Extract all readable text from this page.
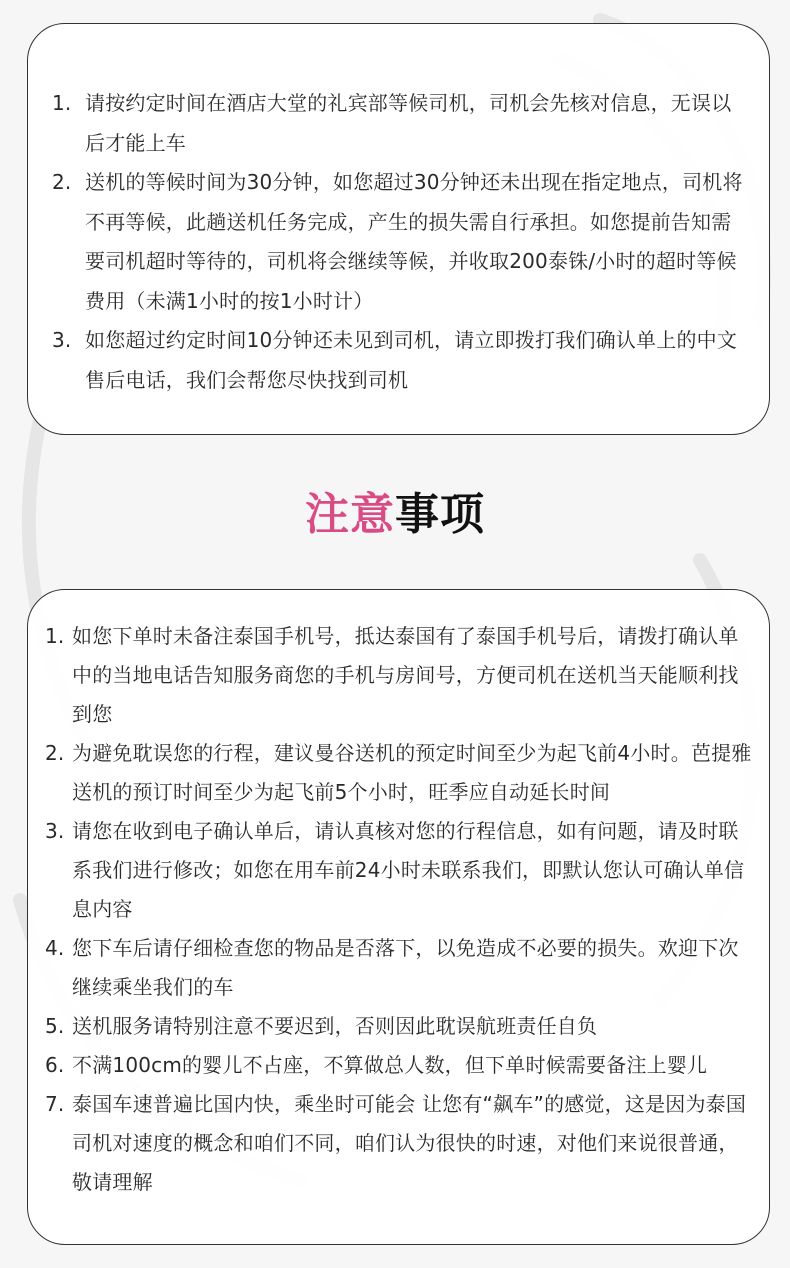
1. 请按约定时间在酒店大堂的礼宾部等候司机，司机会先核对信息，无误以后才能上车
2. 送机的等候时间为30分钟，如您超过30分钟还未出现在指定地点，司机将不再等候，此趟送机任务完成，产生的损失需自行承担。如您提前告知需要司机超时等待的，司机将会继续等候，并收取200泰铢/小时的超时等候费用（未满1小时的按1小时计）
3. 如您超过约定时间10分钟还未见到司机，请立即拨打我们确认单上的中文售后电话，我们会帮您尽快找到司机
注意事项
1. 如您下单时未备注泰国手机号，抵达泰国有了泰国手机号后，请拨打确认单中的当地电话告知服务商您的手机与房间号，方便司机在送机当天能顺利找到您
2. 为避免耽误您的行程，建议曼谷送机的预定时间至少为起飞前4小时。芭提雅送机的预订时间至少为起飞前5个小时，旺季应自动延长时间
3. 请您在收到电子确认单后，请认真核对您的行程信息，如有问题，请及时联系我们进行修改；如您在用车前24小时未联系我们，即默认您认可确认单信息内容
4. 您下车后请仔细检查您的物品是否落下，以免造成不必要的损失。欢迎下次继续乘坐我们的车
5. 送机服务请特别注意不要迟到，否则因此耽误航班责任自负
6. 不满100cm的婴儿不占座，不算做总人数，但下单时候需要备注上婴儿
7. 泰国车速普遍比国内快，乘坐时可能会 让您有“飙车”的感觉，这是因为泰国司机对速度的概念和咱们不同，咱们认为很快的时速，对他们来说很普通，敬请理解
